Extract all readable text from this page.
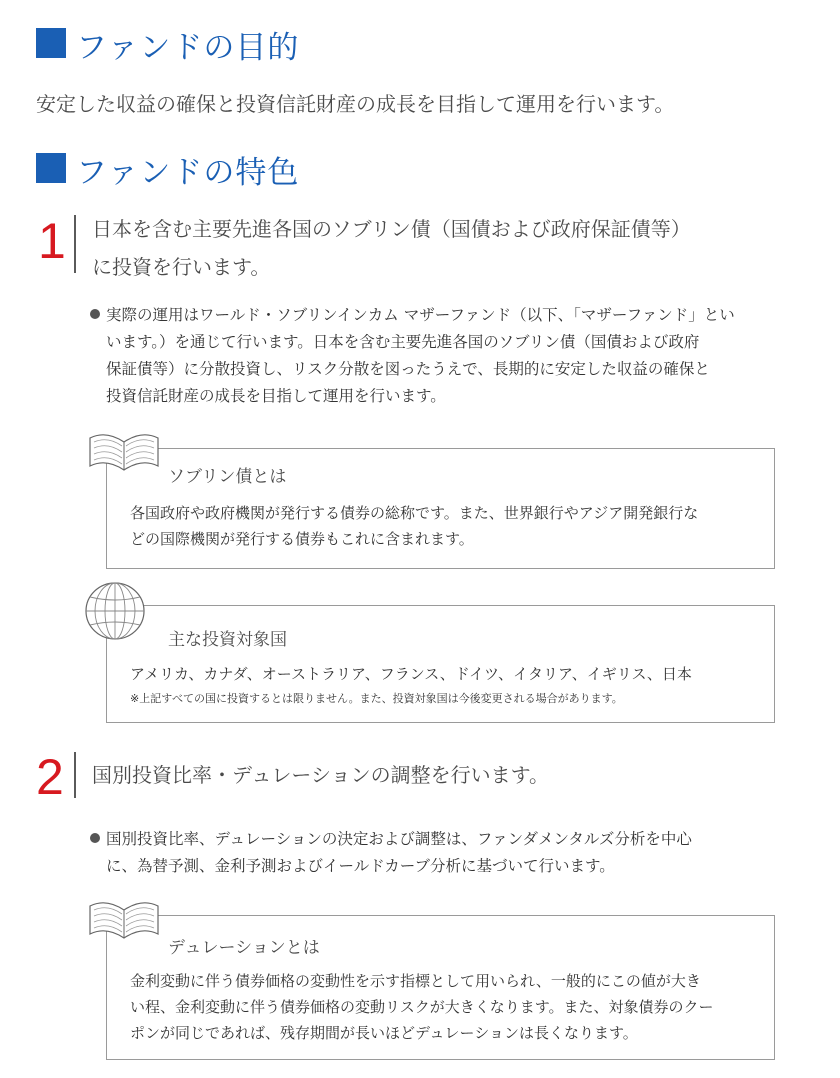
ファンドの目的
安定した収益の確保と投資信託財産の成長を目指して運用を行います。
ファンドの特色
1 日本を含む主要先進各国のソブリン債（国債および政府保証債等）
に投資を行います。
実際の運用はワールド・ソブリンインカム マザーファンド（以下、「マザーファンド」とい
います。）を通じて行います。日本を含む主要先進各国のソブリン債（国債および政府
保証債等）に分散投資し、リスク分散を図ったうえで、長期的に安定した収益の確保と
投資信託財産の成長を目指して運用を行います。
ソブリン債とは
各国政府や政府機関が発行する債券の総称です。また、世界銀行やアジア開発銀行な
どの国際機関が発行する債券もこれに含まれます。
主な投資対象国
アメリカ、カナダ、オーストラリア、フランス、ドイツ、イタリア、イギリス、日本
※上記すべての国に投資するとは限りません。また、投資対象国は今後変更される場合があります。
2 国別投資比率・デュレーションの調整を行います。
国別投資比率、デュレーションの決定および調整は、ファンダメンタルズ分析を中心
に、為替予測、金利予測およびイールドカーブ分析に基づいて行います。
デュレーションとは
金利変動に伴う債券価格の変動性を示す指標として用いられ、一般的にこの値が大き
い程、金利変動に伴う債券価格の変動リスクが大きくなります。また、対象債券のクー
ポンが同じであれば、残存期間が長いほどデュレーションは長くなります。
